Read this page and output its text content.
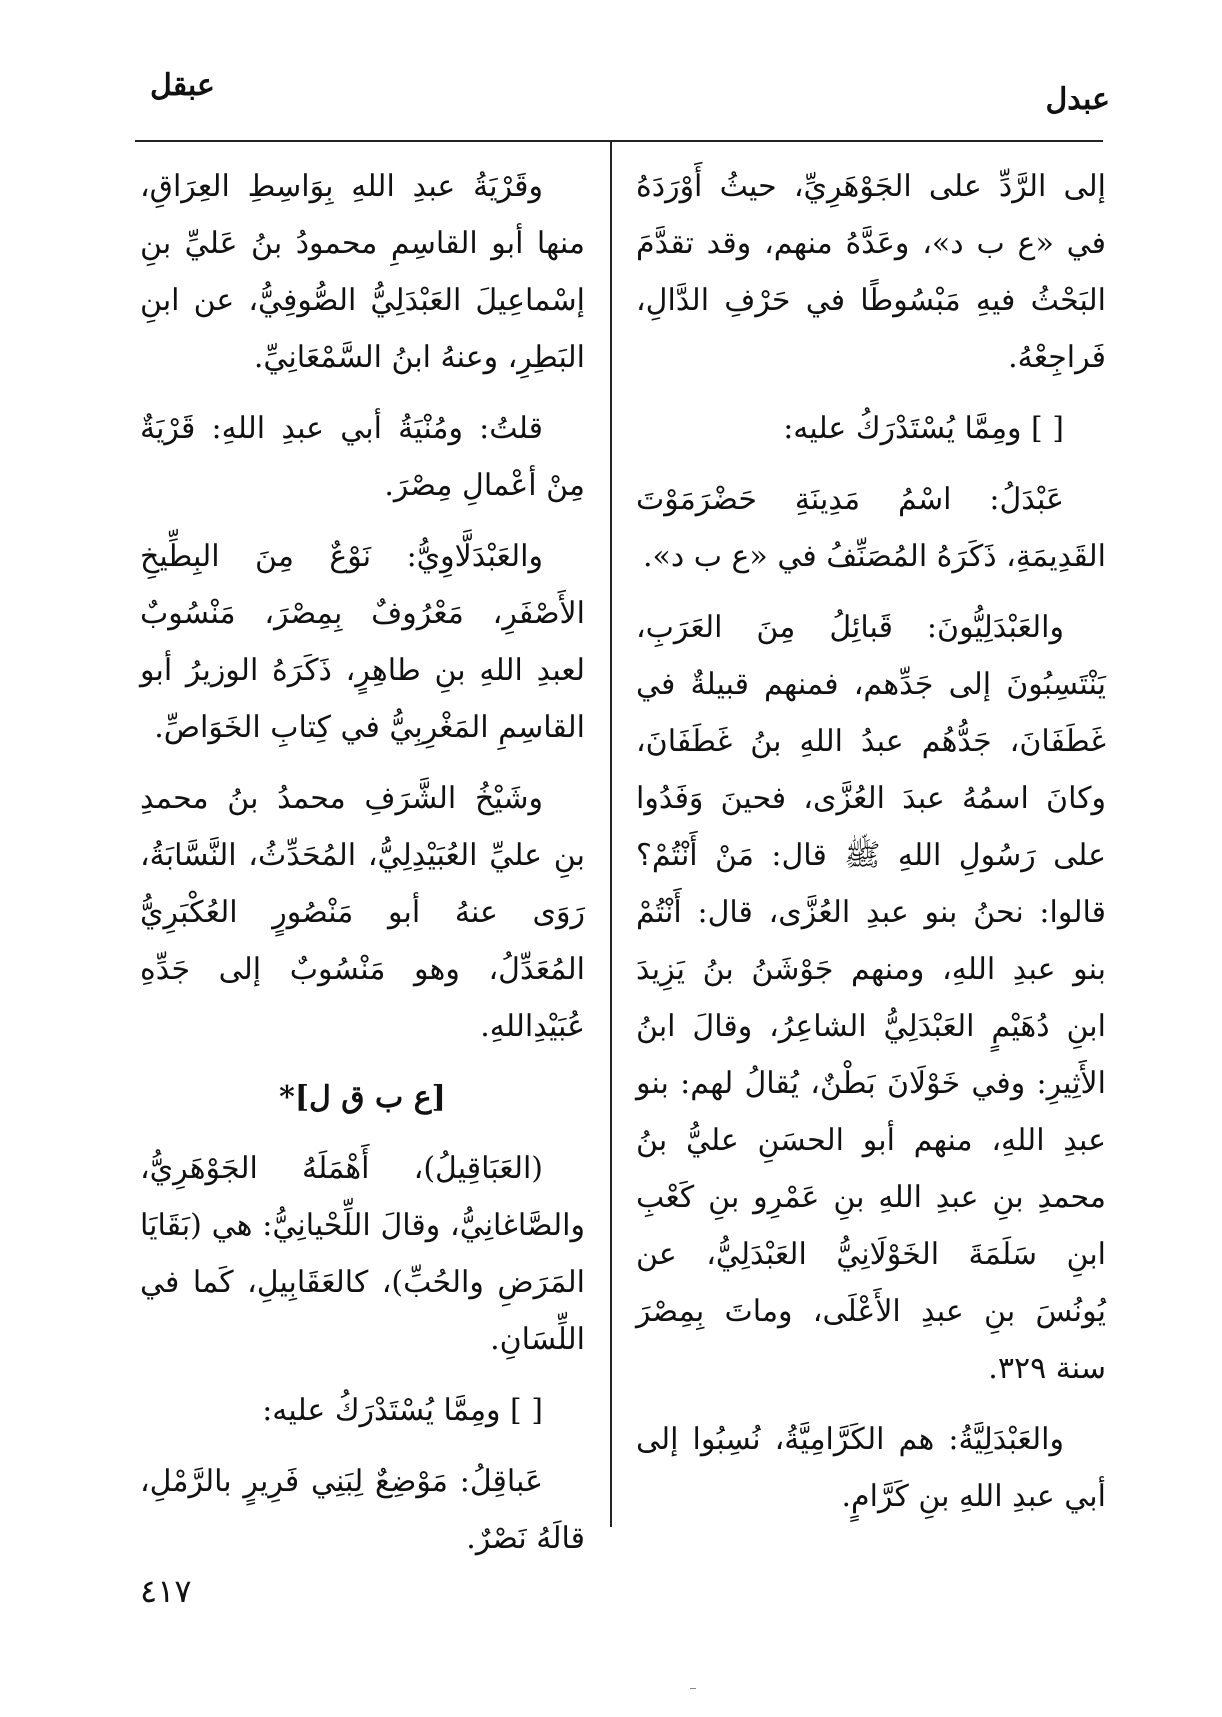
عبقل	عبدل

إلى الرَّدِّ على الجَوْهَرِيِّ، حيثُ أَوْرَدَهُ في «ع ب د»، وعَدَّهُ منهم، وقد تقدَّمَ البَحْثُ فيهِ مَبْسُوطًا في حَرْفِ الدَّالِ، فَراجِعْهُ.

[ ] ومِمَّا يُسْتَدْرَكُ عليه:

عَبْدَلُ: اسْمُ مَدِينَةِ حَضْرَمَوْتَ القَدِيمَةِ، ذَكَرَهُ المُصَنِّفُ في «ع ب د».

والعَبْدَلِيُّونَ: قَبائِلُ مِنَ العَرَبِ، يَنْتَسِبُونَ إلى جَدِّهم، فمنهم قبيلةٌ في غَطَفَانَ، جَدُّهُم عبدُ اللهِ بنُ غَطَفَانَ، وكانَ اسمُهُ عبدَ العُزَّى، فحينَ وَفَدُوا على رَسُولِ اللهِ ﷺ قال: مَنْ أَنْتُمْ؟ قالوا: نحنُ بنو عبدِ العُزَّى، قال: أَنْتُمْ بنو عبدِ اللهِ، ومنهم جَوْشَنُ بنُ يَزِيدَ ابنِ دُهَيْمٍ العَبْدَلِيُّ الشاعِرُ، وقالَ ابنُ الأَثِيرِ: وفي خَوْلَانَ بَطْنٌ، يُقالُ لهم: بنو عبدِ اللهِ، منهم أبو الحسَنِ عليُّ بنُ محمدِ بنِ عبدِ اللهِ بنِ عَمْرِو بنِ كَعْبِ ابنِ سَلَمَةَ الخَوْلَانِيُّ العَبْدَلِيُّ، عن يُونُسَ بنِ عبدِ الأَعْلَى، وماتَ بِمِصْرَ سنة ٣٢٩.

والعَبْدَلِيَّةُ: هم الكَرَّامِيَّةُ، نُسِبُوا إلى أبي عبدِ اللهِ بنِ كَرَّامٍ.

وقَرْيَةُ عبدِ اللهِ بِوَاسِطِ العِرَاقِ، منها أبو القاسِمِ محمودُ بنُ عَليِّ بنِ إسْماعِيلَ العَبْدَلِيُّ الصُّوفِيُّ، عن ابنِ البَطِرِ، وعنهُ ابنُ السَّمْعَانِيِّ.

قلتُ: ومُنْيَةُ أبي عبدِ اللهِ: قَرْيَةٌ مِنْ أعْمالِ مِصْرَ.

والعَبْدَلَّاوِيُّ: نَوْعٌ مِنَ البِطِّيخِ الأَصْفَرِ، مَعْرُوفٌ بِمِصْرَ، مَنْسُوبٌ لعبدِ اللهِ بنِ طاهِرٍ، ذَكَرَهُ الوزيرُ أبو القاسِمِ المَغْرِبِيُّ في كِتابِ الخَوَاصِّ.

وشَيْخُ الشَّرَفِ محمدُ بنُ محمدِ بنِ عليِّ العُبَيْدِلِيُّ، المُحَدِّثُ، النَّسَّابَةُ، رَوَى عنهُ أبو مَنْصُورٍ العُكْبَرِيُّ المُعَدِّلُ، وهو مَنْسُوبٌ إلى جَدِّهِ عُبَيْدِاللهِ.

[ع ب ق ل]*

(العَبَاقِيلُ)، أَهْمَلَهُ الجَوْهَرِيُّ، والصَّاغانِيُّ، وقالَ اللِّحْيانِيُّ: هي (بَقَايَا المَرَضِ والحُبِّ)، كالعَقَابِيلِ، كَما في اللِّسَانِ.

[ ] ومِمَّا يُسْتَدْرَكُ عليه:

عَباقِلُ: مَوْضِعٌ لِبَنِي فَرِيرٍ بالرَّمْلِ، قالَهُ نَصْرٌ.

٤١٧
